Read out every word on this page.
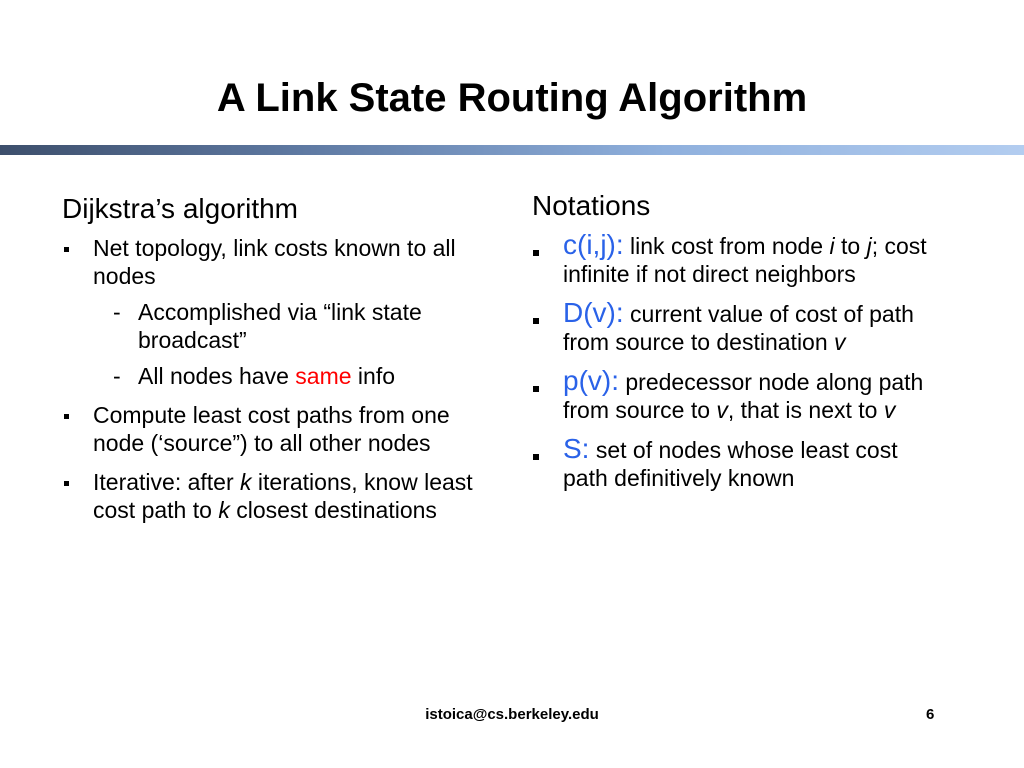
A Link State Routing Algorithm
Dijkstra’s algorithm
Net topology, link costs known to all nodes
- Accomplished via “link state broadcast”
- All nodes have same info
Compute least cost paths from one node (‘source”) to all other nodes
Iterative: after k iterations, know least cost path to k closest destinations
Notations
c(i,j): link cost from node i to j; cost infinite if not direct neighbors
D(v): current value of cost of path from source to destination v
p(v): predecessor node along path from source to v, that is next to v
S: set of nodes whose least cost path definitively known
istoica@cs.berkeley.edu	6
